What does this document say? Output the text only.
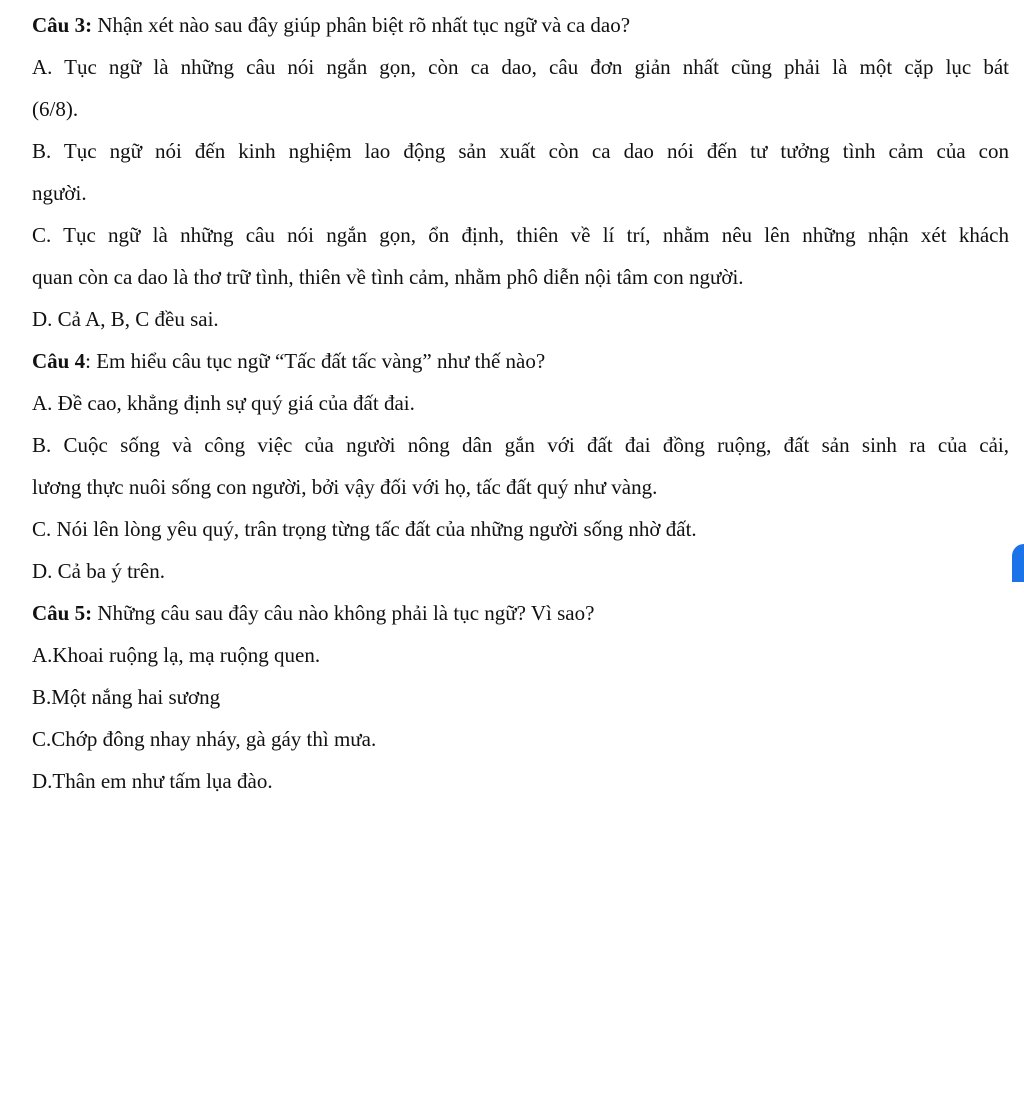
Câu 3: Nhận xét nào sau đây giúp phân biệt rõ nhất tục ngữ và ca dao?

A. Tục ngữ là những câu nói ngắn gọn, còn ca dao, câu đơn giản nhất cũng phải là một cặp lục bát

(6/8).

B. Tục ngữ nói đến kinh nghiệm lao động sản xuất còn ca dao nói đến tư tưởng tình cảm của con

người.

C. Tục ngữ là những câu nói ngắn gọn, ổn định, thiên về lí trí, nhằm nêu lên những nhận xét khách

quan còn ca dao là thơ trữ tình, thiên về tình cảm, nhằm phô diễn nội tâm con người.

D. Cả A, B, C đều sai.

Câu 4: Em hiểu câu tục ngữ “Tấc đất tấc vàng” như thế nào?

A. Đề cao, khẳng định sự quý giá của đất đai.

B. Cuộc sống và công việc của người nông dân gắn với đất đai đồng ruộng, đất sản sinh ra của cải,

lương thực nuôi sống con người, bởi vậy đối với họ, tấc đất quý như vàng.

C. Nói lên lòng yêu quý, trân trọng từng tấc đất của những người sống nhờ đất.

D. Cả ba ý trên.

Câu 5: Những câu sau đây câu nào không phải là tục ngữ? Vì sao?

A.Khoai ruộng lạ, mạ ruộng quen.

B.Một nắng hai sương

C.Chớp đông nhay nháy, gà gáy thì mưa.

D.Thân em như tấm lụa đào.
